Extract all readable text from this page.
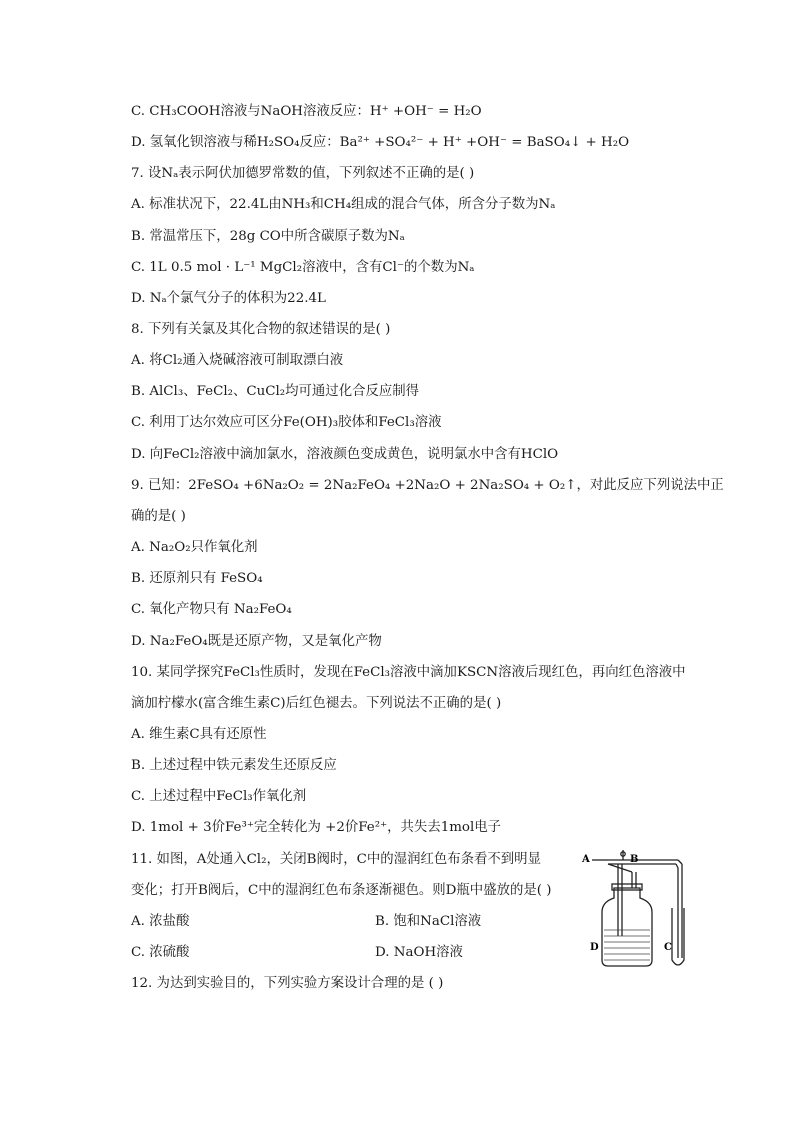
C. CH₃COOH溶液与NaOH溶液反应：H⁺ +OH⁻ = H₂O
D. 氢氧化钡溶液与稀H₂SO₄反应：Ba²⁺ +SO₄²⁻ + H⁺ +OH⁻ = BaSO₄↓ + H₂O
7. 设Nₐ表示阿伏加德罗常数的值，下列叙述不正确的是( )
A. 标准状况下，22.4L由NH₃和CH₄组成的混合气体，所含分子数为Nₐ
B. 常温常压下，28g CO中所含碳原子数为Nₐ
C. 1L 0.5 mol · L⁻¹ MgCl₂溶液中，含有Cl⁻的个数为Nₐ
D. Nₐ个氯气分子的体积为22.4L
8. 下列有关氯及其化合物的叙述错误的是( )
A. 将Cl₂通入烧碱溶液可制取漂白液
B. AlCl₃、FeCl₂、CuCl₂均可通过化合反应制得
C. 利用丁达尔效应可区分Fe(OH)₃胶体和FeCl₃溶液
D. 向FeCl₂溶液中滴加氯水，溶液颜色变成黄色，说明氯水中含有HClO
9. 已知：2FeSO₄ +6Na₂O₂ = 2Na₂FeO₄ +2Na₂O + 2Na₂SO₄ + O₂↑，对此反应下列说法中正
确的是( )
A. Na₂O₂只作氧化剂
B. 还原剂只有 FeSO₄
C. 氧化产物只有 Na₂FeO₄
D. Na₂FeO₄既是还原产物，又是氧化产物
10. 某同学探究FeCl₃性质时，发现在FeCl₃溶液中滴加KSCN溶液后现红色，再向红色溶液中
滴加柠檬水(富含维生素C)后红色褪去。下列说法不正确的是( )
A. 维生素C具有还原性
B. 上述过程中铁元素发生还原反应
C. 上述过程中FeCl₃作氧化剂
D. 1mol + 3价Fe³⁺完全转化为 +2价Fe²⁺，共失去1mol电子
11. 如图，A处通入Cl₂，关闭B阀时，C中的湿润红色布条看不到明显
变化；打开B阀后，C中的湿润红色布条逐渐褪色。则D瓶中盛放的是( )
A. 浓盐酸
C. 浓硫酸
12. 为达到实验目的，下列实验方案设计合理的是 ( )
B. 饱和NaCl溶液
D. NaOH溶液
A	B
C
D
